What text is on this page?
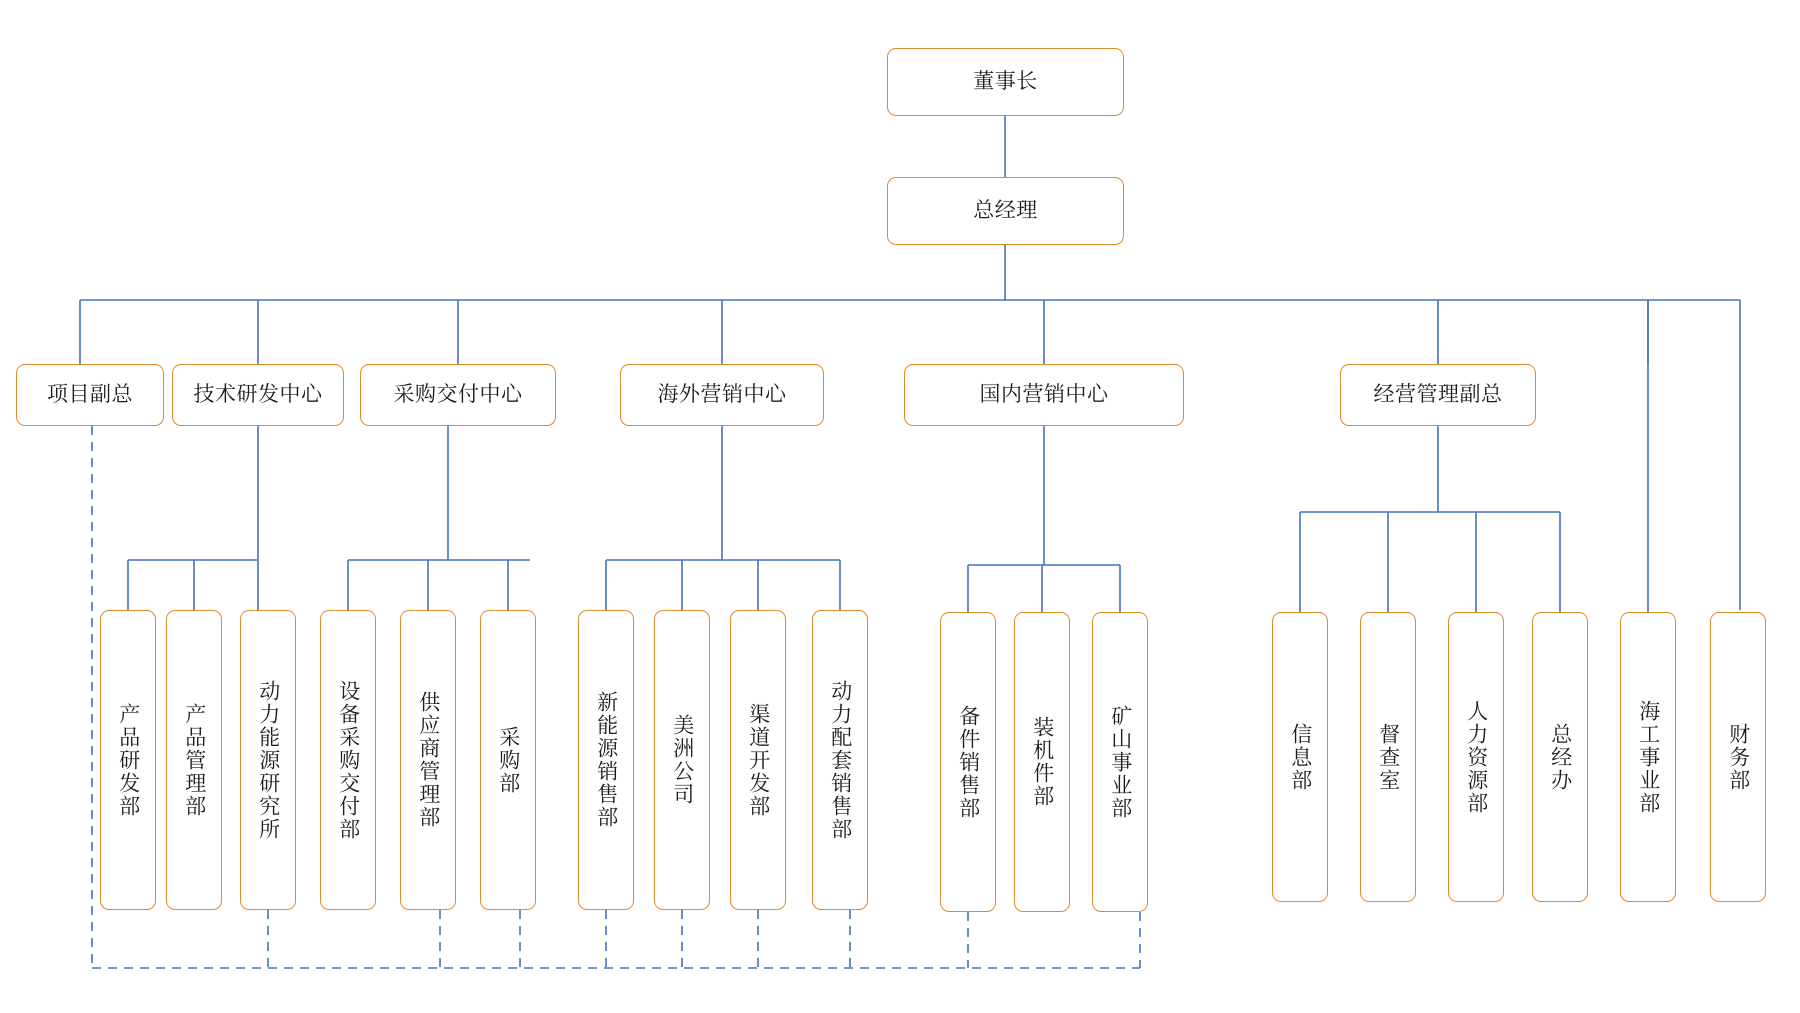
董事长
总经理
项目副总	技术研发中心	采购交付中心	海外营销中心	国内营销中心	经营管理副总
产品研发部 产品管理部 动力能源研究所	设备采购交付部	供应商管理部	采购部	新能源销售部	美洲公司	渠道开发部	动力配套销售部	备件销售部 装机件部	矿山事业部	信息部	督查室	人力资源部	总经办	海工事业部	财务部
